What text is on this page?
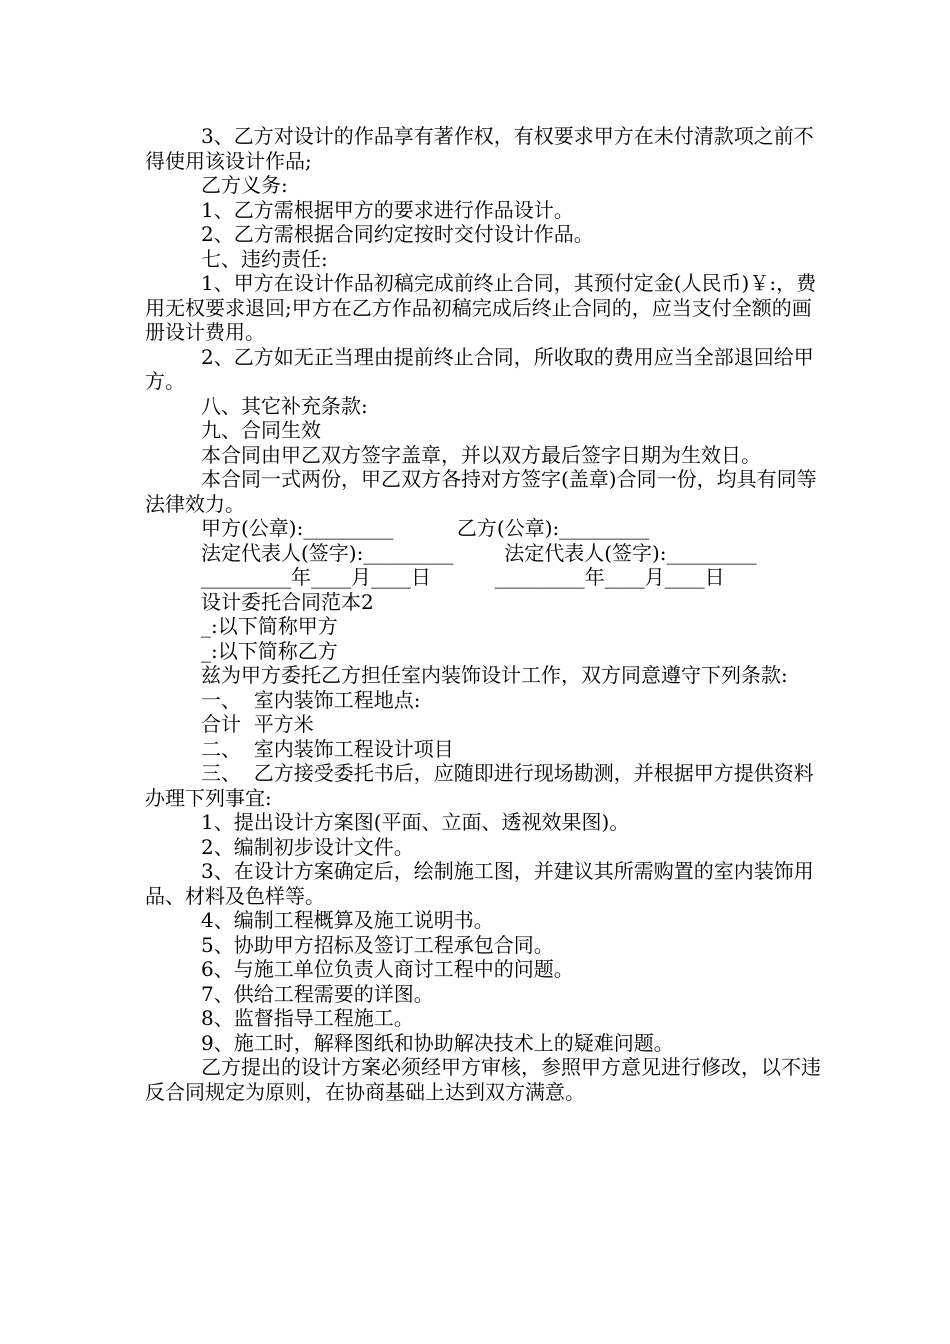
3、乙方对设计的作品享有著作权，有权要求甲方在未付清款项之前不得使用该设计作品;

乙方义务:

1、乙方需根据甲方的要求进行作品设计。

2、乙方需根据合同约定按时交付设计作品。

七、违约责任:

1、甲方在设计作品初稿完成前终止合同，其预付定金(人民币)￥:，费用无权要求退回;甲方在乙方作品初稿完成后终止合同的，应当支付全额的画册设计费用。

2、乙方如无正当理由提前终止合同，所收取的费用应当全部退回给甲方。

八、其它补充条款:

九、合同生效

本合同由甲乙双方签字盖章，并以双方最后签字日期为生效日。

本合同一式两份，甲乙双方各持对方签字(盖章)合同一份，均具有同等法律效力。

甲方(公章):_________          乙方(公章):_________

法定代表人(签字):_________        法定代表人(签字):_________

_________年____月____日          _________年____月____日

设计委托合同范本2

_:以下简称甲方

_:以下简称乙方

兹为甲方委托乙方担任室内装饰设计工作，双方同意遵守下列条款:

一、  室内装饰工程地点:

合计  平方米

二、  室内装饰工程设计项目

三、  乙方接受委托书后，应随即进行现场勘测，并根据甲方提供资料办理下列事宜:

1、提出设计方案图(平面、立面、透视效果图)。

2、编制初步设计文件。

3、在设计方案确定后，绘制施工图，并建议其所需购置的室内装饰用品、材料及色样等。

4、编制工程概算及施工说明书。

5、协助甲方招标及签订工程承包合同。

6、与施工单位负责人商讨工程中的问题。

7、供给工程需要的详图。

8、监督指导工程施工。

9、施工时，解释图纸和协助解决技术上的疑难问题。

乙方提出的设计方案必须经甲方审核，参照甲方意见进行修改，以不违反合同规定为原则，在协商基础上达到双方满意。
